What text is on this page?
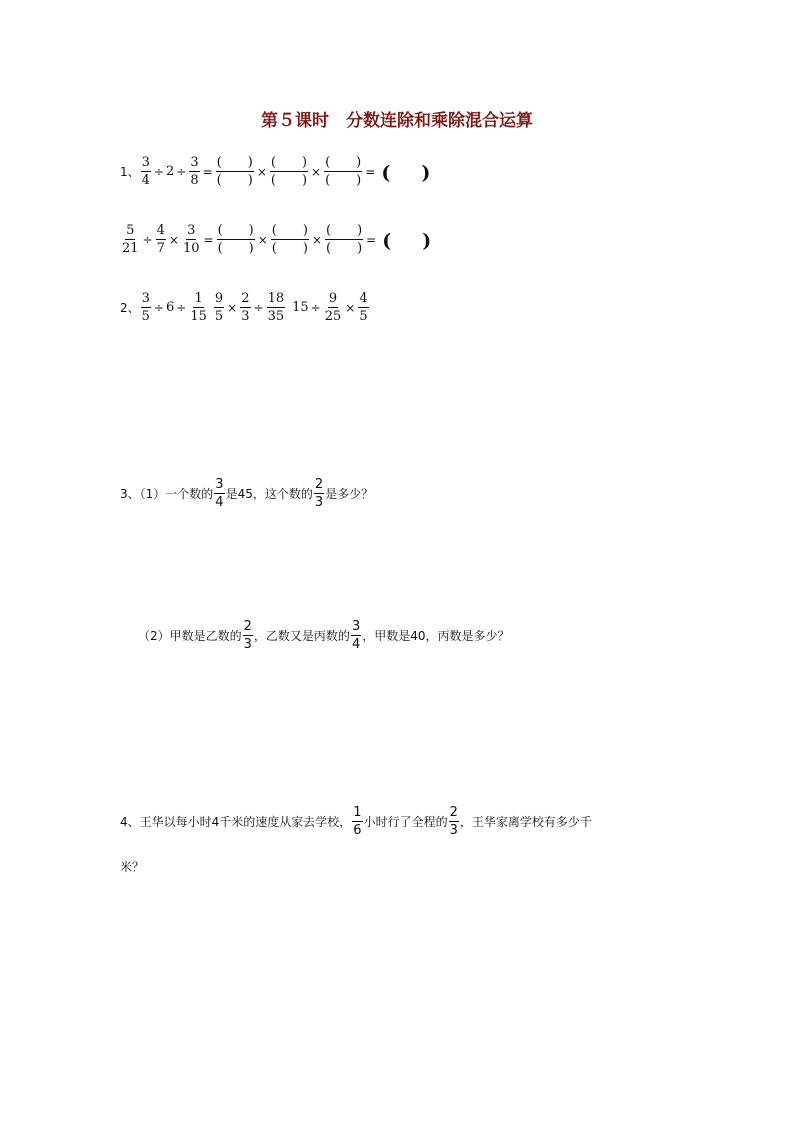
第５课时　分数连除和乘除混合运算
1、 $\frac{3}{4} \div 2 \div \frac{3}{8} = \frac{( )}{( )} \times \frac{( )}{( )} \times \frac{( )}{( )}$ = (　)
$\frac{5}{21} \div \frac{4}{7} \times \frac{3}{10} = \frac{( )}{( )} \times \frac{( )}{( )} \times \frac{( )}{( )}$ = (　)
2、 $\frac{3}{5} \div 6 \div \frac{1}{15} \frac{9}{5} \times \frac{2}{3} \div \frac{18}{35} 15 \div \frac{9}{25} \times \frac{4}{5}$
3、（1）一个数的 $\frac{3}{4}$ 是45，这个数的 $\frac{2}{3}$ 是多少？
（2）甲数是乙数的 $\frac{2}{3}$ ，乙数又是丙数的 $\frac{3}{4}$ ，甲数是40，丙数是多少？
4、王华以每小时4千米的速度从家去学校， $\frac{1}{6}$ 小时行了全程的 $\frac{2}{3}$ ，王华家离学校有多少千
米？
